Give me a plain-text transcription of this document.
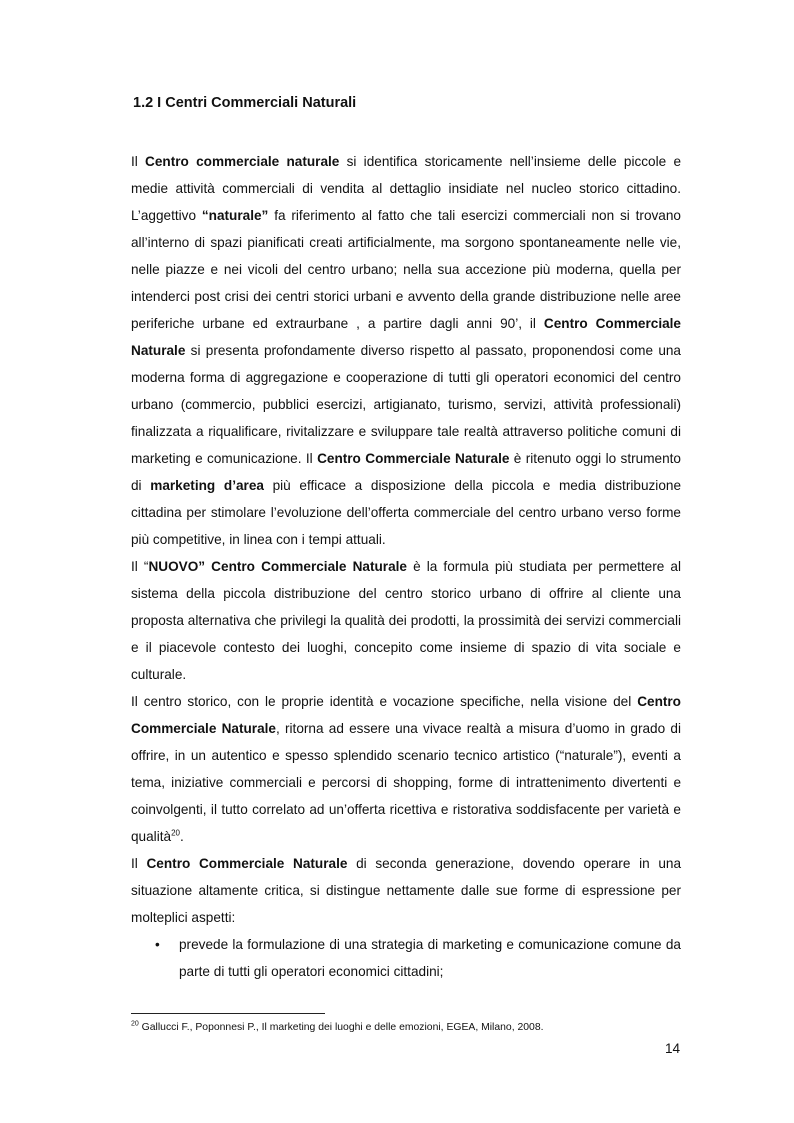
1.2 I Centri Commerciali Naturali

Il Centro commerciale naturale si identifica storicamente nell’insieme delle piccole e medie attività commerciali di vendita al dettaglio insidiate nel nucleo storico cittadino. L’aggettivo “naturale” fa riferimento al fatto che tali esercizi commerciali non si trovano all’interno di spazi pianificati creati artificialmente, ma sorgono spontaneamente nelle vie, nelle piazze e nei vicoli del centro urbano; nella sua accezione più moderna, quella per intenderci post crisi dei centri storici urbani e avvento della grande distribuzione nelle aree periferiche urbane ed extraurbane , a partire dagli anni 90’, il Centro Commerciale Naturale si presenta profondamente diverso rispetto al passato, proponendosi come una moderna forma di aggregazione e cooperazione di tutti gli operatori economici del centro urbano (commercio, pubblici esercizi, artigianato, turismo, servizi, attività professionali) finalizzata a riqualificare, rivitalizzare e sviluppare tale realtà attraverso politiche comuni di marketing e comunicazione. Il Centro Commerciale Naturale è ritenuto oggi lo strumento di marketing d’area più efficace a disposizione della piccola e media distribuzione cittadina per stimolare l’evoluzione dell’offerta commerciale del centro urbano verso forme più competitive, in linea con i tempi attuali.

Il “NUOVO” Centro Commerciale Naturale è la formula più studiata per permettere al sistema della piccola distribuzione del centro storico urbano di offrire al cliente una proposta alternativa che privilegi la qualità dei prodotti, la prossimità dei servizi commerciali e il piacevole contesto dei luoghi, concepito come insieme di spazio di vita sociale e culturale.

Il centro storico, con le proprie identità e vocazione specifiche, nella visione del Centro Commerciale Naturale, ritorna ad essere una vivace realtà a misura d’uomo in grado di offrire, in un autentico e spesso splendido scenario tecnico artistico (“naturale”), eventi a tema, iniziative commerciali e percorsi di shopping, forme di intrattenimento divertenti e coinvolgenti, il tutto correlato ad un’offerta ricettiva e ristorativa soddisfacente per varietà e qualità$^{20}$.

Il Centro Commerciale Naturale di seconda generazione, dovendo operare in una situazione altamente critica, si distingue nettamente dalle sue forme di espressione per molteplici aspetti:

• prevede la formulazione di una strategia di marketing e comunicazione comune da parte di tutti gli operatori economici cittadini;
$^{20}$ Gallucci F., Poponnesi P., Il marketing dei luoghi e delle emozioni, EGEA, Milano, 2008.
14
